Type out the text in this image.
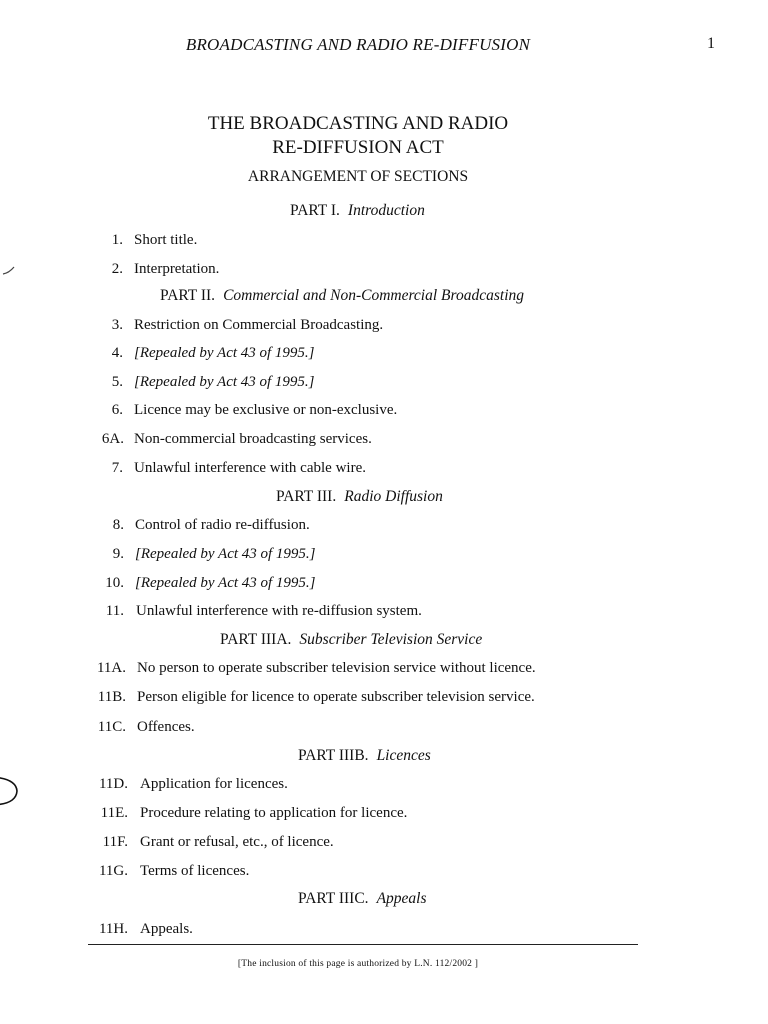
BROADCASTING AND RADIO RE-DIFFUSION	1
THE BROADCASTING AND RADIO
RE-DIFFUSION ACT
ARRANGEMENT OF SECTIONS
PART I. Introduction
PART II. Commercial and Non-Commercial Broadcasting
PART III. Radio Diffusion
PART IIIA. Subscriber Television Service
PART IIIB. Licences
PART IIIC. Appeals
1. Short title.
2. Interpretation.
3. Restriction on Commercial Broadcasting.
4. [Repealed by Act 43 of 1995.]
5. [Repealed by Act 43 of 1995.]
6. Licence may be exclusive or non-exclusive.
6A. Non-commercial broadcasting services.
7. Unlawful interference with cable wire.
8. Control of radio re-diffusion.
9. [Repealed by Act 43 of 1995.]
10. [Repealed by Act 43 of 1995.]
11. Unlawful interference with re-diffusion system.
11A. No person to operate subscriber television service without licence.
11B. Person eligible for licence to operate subscriber television service.
11C. Offences.
11D. Application for licences.
11E. Procedure relating to application for licence.
11F. Grant or refusal, etc., of licence.
11G. Terms of licences.
11H. Appeals.
[The inclusion of this page is authorized by L.N. 112/2002 ]
